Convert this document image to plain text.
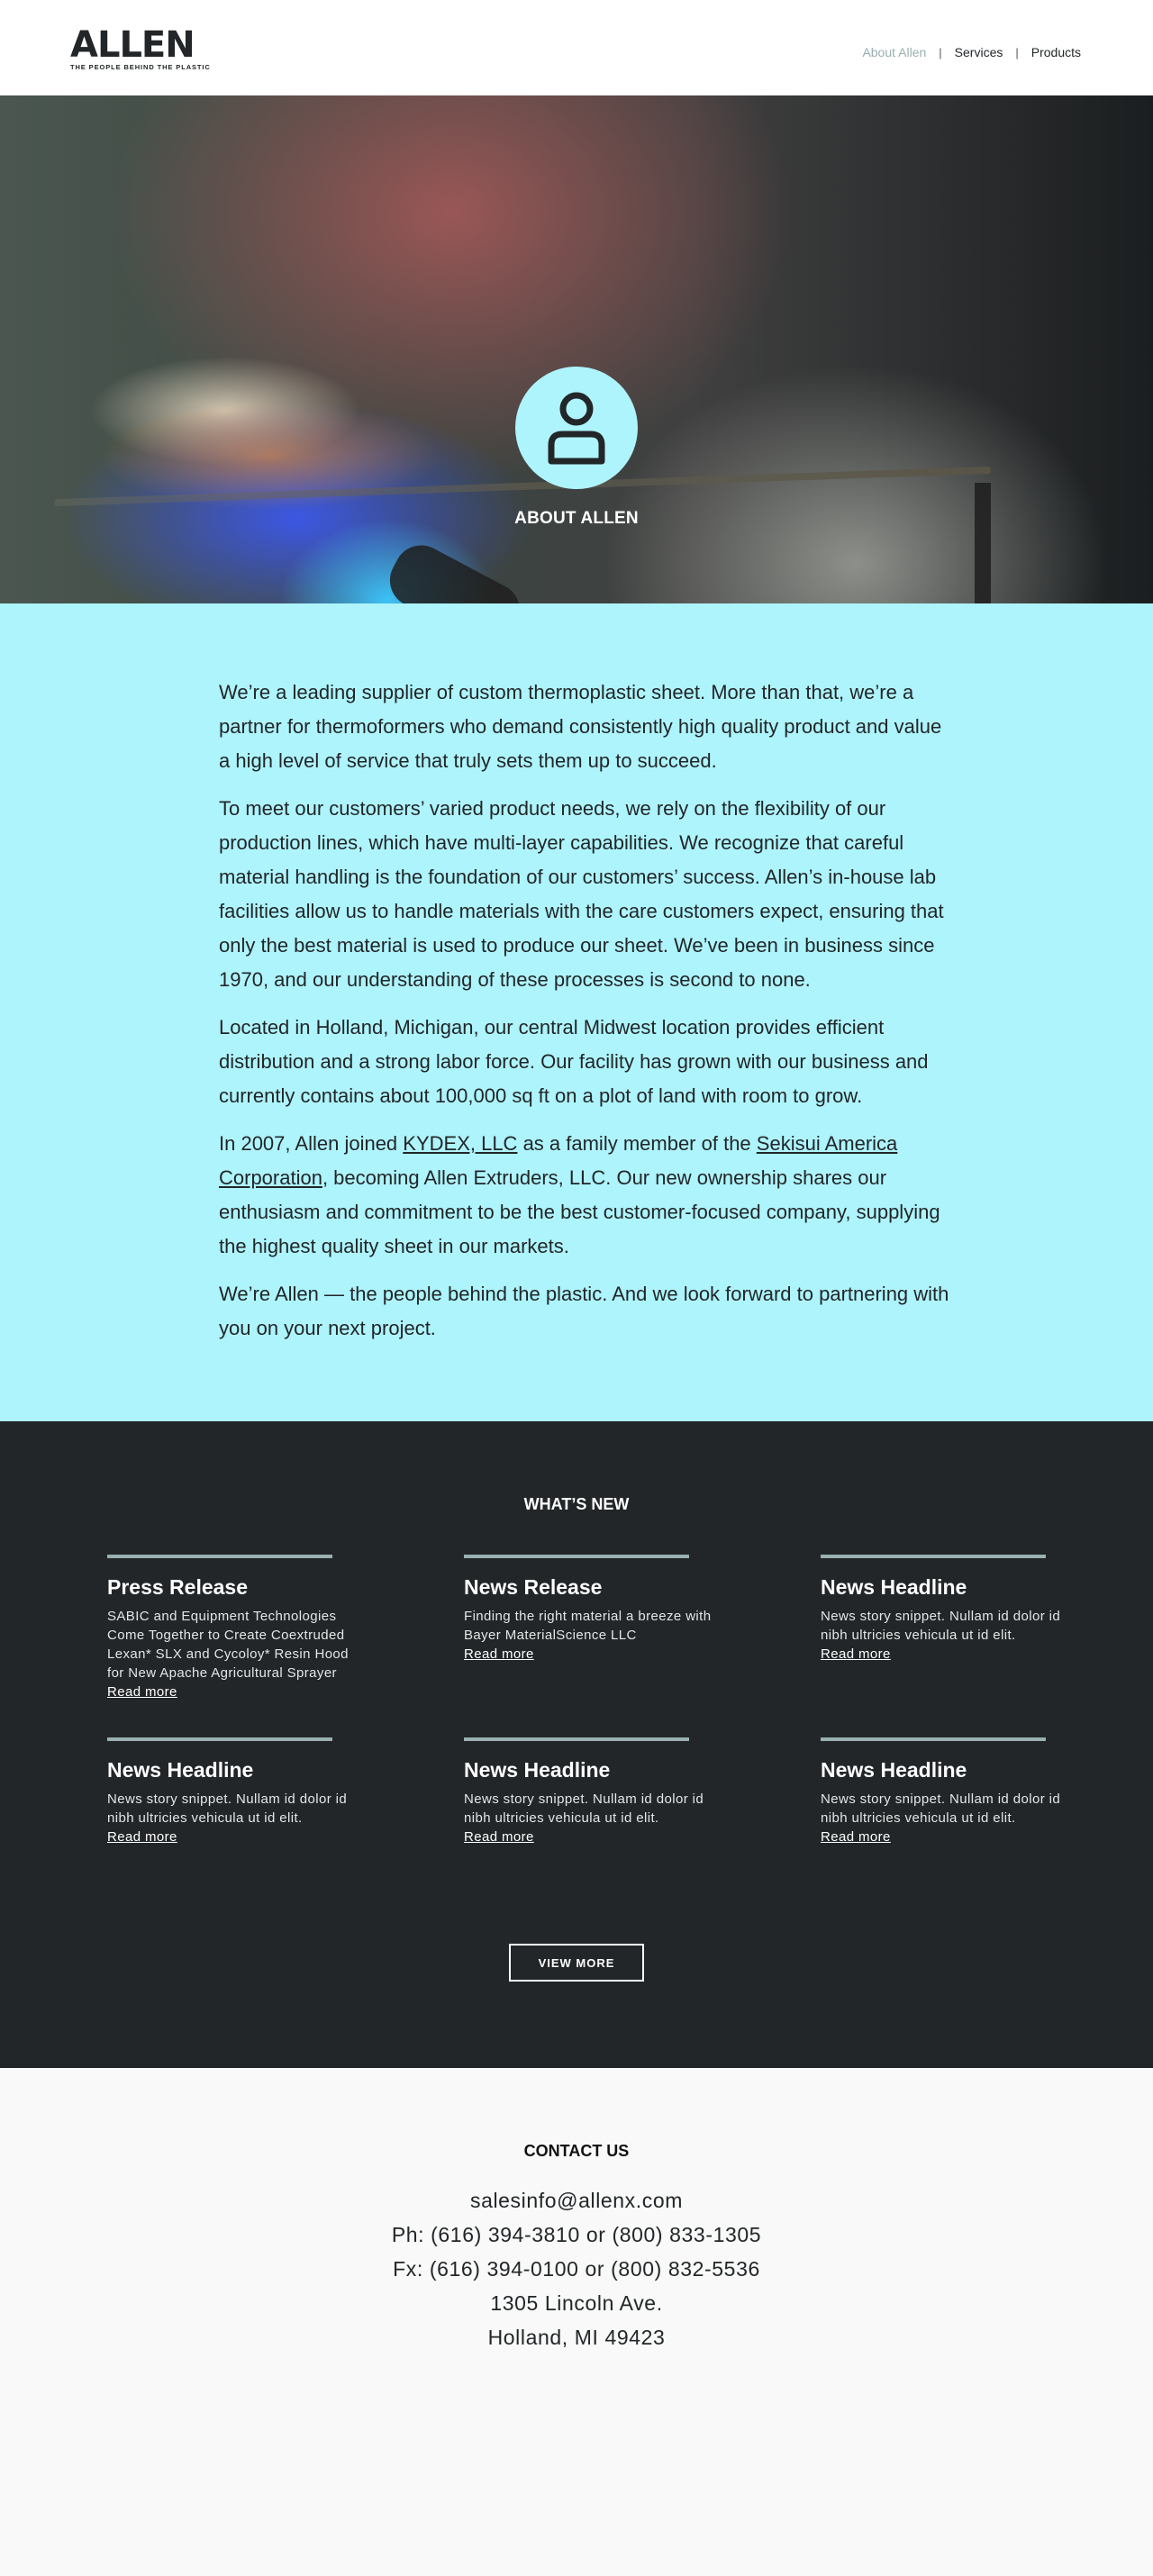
ALLEN
THE PEOPLE BEHIND THE PLASTIC
About Allen | Services | Products
ABOUT ALLEN

We’re a leading supplier of custom thermoplastic sheet. More than that, we’re a partner for thermoformers who demand consistently high quality product and value a high level of service that truly sets them up to succeed.

To meet our customers’ varied product needs, we rely on the flexibility of our production lines, which have multi-layer capabilities. We recognize that careful material handling is the foundation of our customers’ success. Allen’s in-house lab facilities allow us to handle materials with the care customers expect, ensuring that only the best material is used to produce our sheet. We’ve been in business since 1970, and our understanding of these processes is second to none.

Located in Holland, Michigan, our central Midwest location provides efficient distribution and a strong labor force. Our facility has grown with our business and currently contains about 100,000 sq ft on a plot of land with room to grow.

In 2007, Allen joined KYDEX, LLC as a family member of the Sekisui America Corporation, becoming Allen Extruders, LLC. Our new ownership shares our enthusiasm and commitment to be the best customer-focused company, supplying the highest quality sheet in our markets.

We’re Allen — the people behind the plastic. And we look forward to partnering with you on your next project.

WHAT’S NEW
Press Release
SABIC and Equipment Technologies Come Together to Create Coextruded Lexan* SLX and Cycoloy* Resin Hood for New Apache Agricultural Sprayer
Read more
News Release
Finding the right material a breeze with Bayer MaterialScience LLC
Read more
News Headline
News story snippet. Nullam id dolor id nibh ultricies vehicula ut id elit.
Read more
News Headline
News story snippet. Nullam id dolor id nibh ultricies vehicula ut id elit.
Read more
News Headline
News story snippet. Nullam id dolor id nibh ultricies vehicula ut id elit.
Read more
News Headline
News story snippet. Nullam id dolor id nibh ultricies vehicula ut id elit.
Read more
VIEW MORE
CONTACT US
salesinfo@allenx.com
Ph: (616) 394-3810 or (800) 833-1305
Fx: (616) 394-0100 or (800) 832-5536
1305 Lincoln Ave.
Holland, MI 49423
